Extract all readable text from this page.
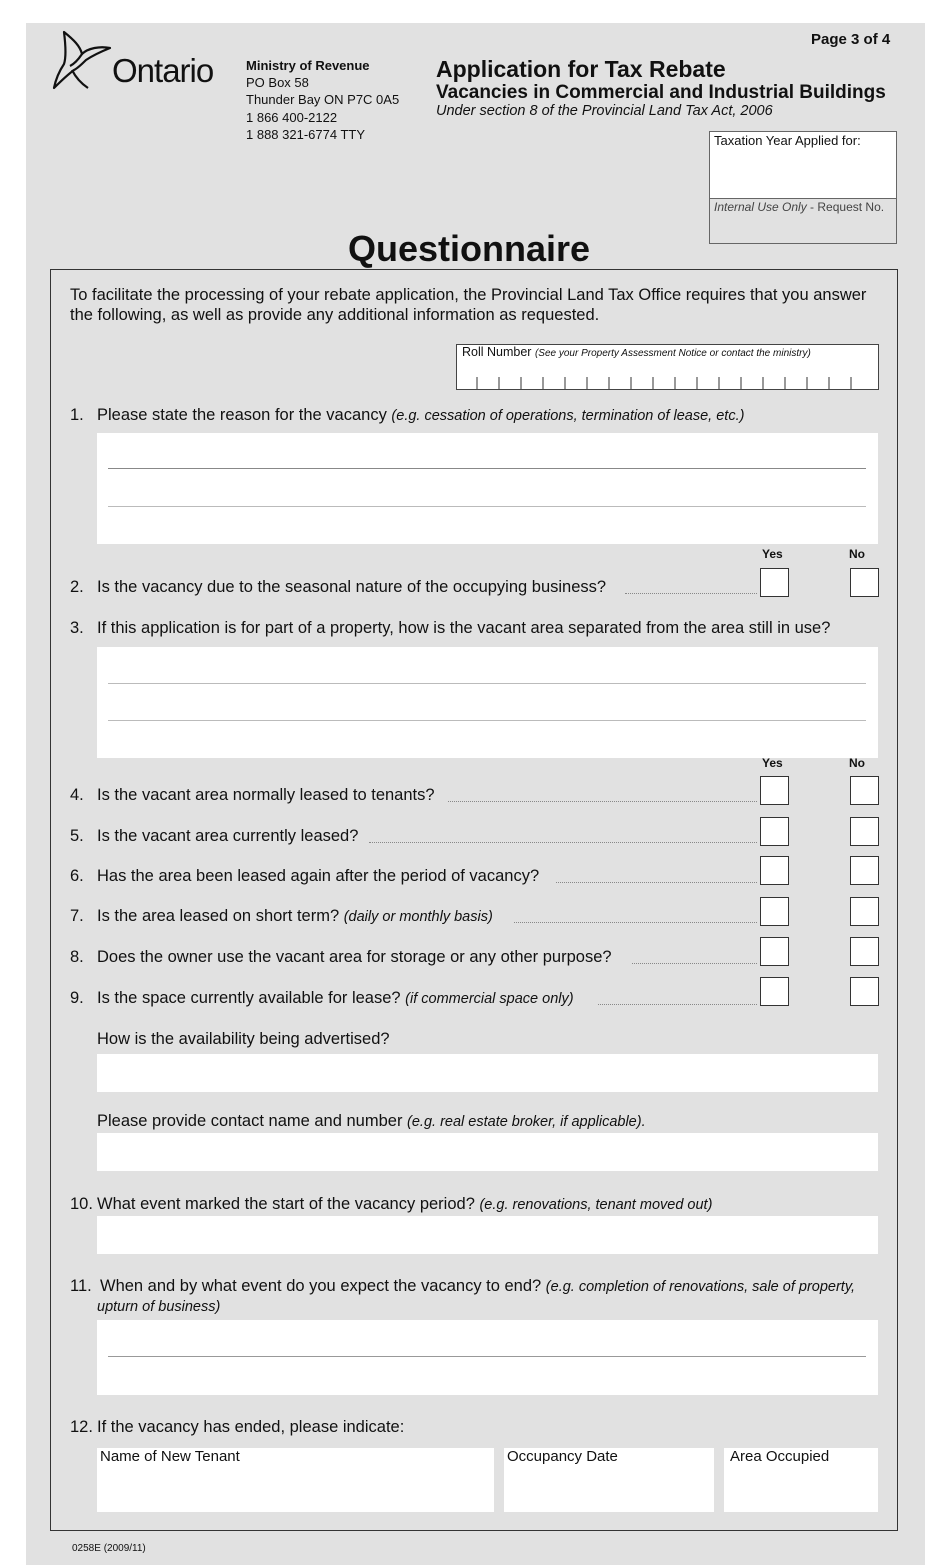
Ontario	Ministry of Revenue
PO Box 58
Thunder Bay ON P7C 0A5
1 866 400-2122
1 888 321-6774 TTY
Page 3 of 4
Application for Tax Rebate
Vacancies in Commercial and Industrial Buildings
Under section 8 of the Provincial Land Tax Act, 2006
Taxation Year Applied for:
Internal Use Only - Request No.
Questionnaire
To facilitate the processing of your rebate application, the Provincial Land Tax Office requires that you answer the following, as well as provide any additional information as requested.
Roll Number (See your Property Assessment Notice or contact the ministry)
1. Please state the reason for the vacancy (e.g. cessation of operations, termination of lease, etc.)
Yes	No
2. Is the vacancy due to the seasonal nature of the occupying business?
3. If this application is for part of a property, how is the vacant area separated from the area still in use?
Yes	No
4. Is the vacant area normally leased to tenants?
5. Is the vacant area currently leased?
6. Has the area been leased again after the period of vacancy?
7. Is the area leased on short term? (daily or monthly basis)
8. Does the owner use the vacant area for storage or any other purpose?
9. Is the space currently available for lease? (if commercial space only)
How is the availability being advertised?
Please provide contact name and number (e.g. real estate broker, if applicable).
10. What event marked the start of the vacancy period? (e.g. renovations, tenant moved out)
11. When and by what event do you expect the vacancy to end? (e.g. completion of renovations, sale of property,
upturn of business)
12. If the vacancy has ended, please indicate:
Name of New Tenant	Occupancy Date	Area Occupied
0258E (2009/11)
